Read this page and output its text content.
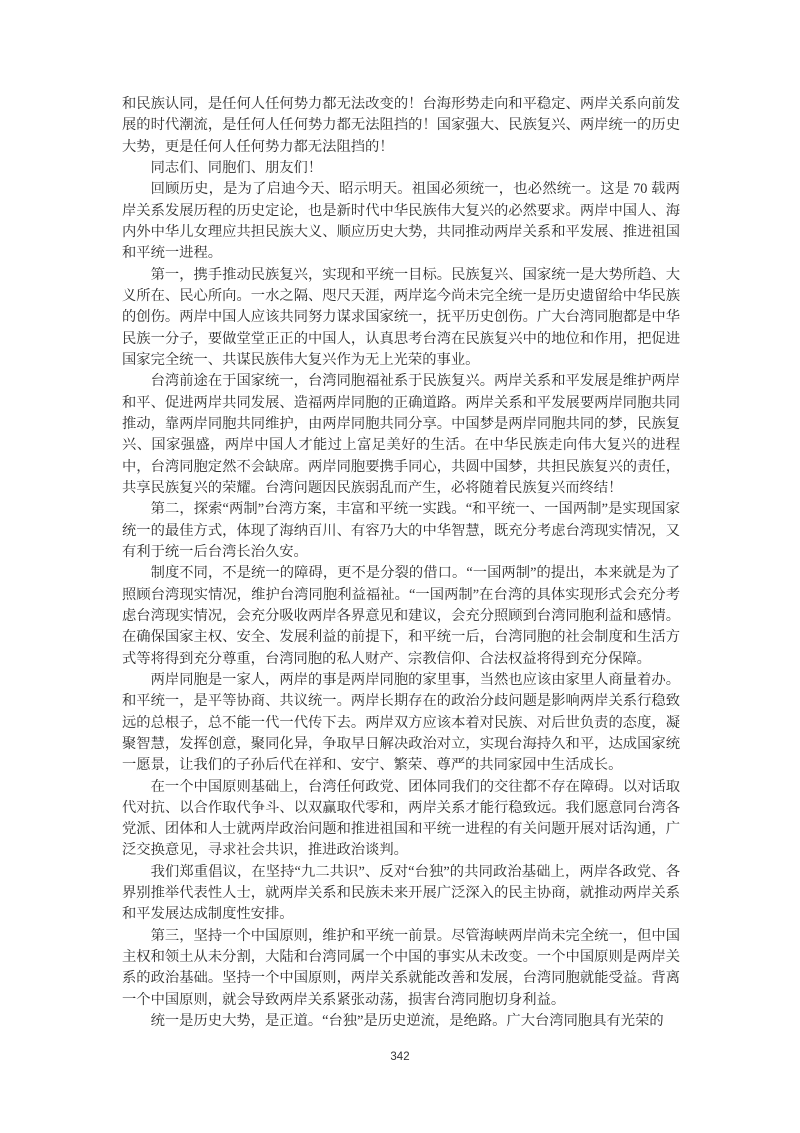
和民族认同，是任何人任何势力都无法改变的！台海形势走向和平稳定、两岸关系向前发展的时代潮流，是任何人任何势力都无法阻挡的！国家强大、民族复兴、两岸统一的历史大势，更是任何人任何势力都无法阻挡的！

同志们、同胞们、朋友们！

回顾历史，是为了启迪今天、昭示明天。祖国必须统一，也必然统一。这是 70 载两岸关系发展历程的历史定论，也是新时代中华民族伟大复兴的必然要求。两岸中国人、海内外中华儿女理应共担民族大义、顺应历史大势，共同推动两岸关系和平发展、推进祖国和平统一进程。

第一，携手推动民族复兴，实现和平统一目标。民族复兴、国家统一是大势所趋、大义所在、民心所向。一水之隔、咫尺天涯，两岸迄今尚未完全统一是历史遗留给中华民族的创伤。两岸中国人应该共同努力谋求国家统一，抚平历史创伤。广大台湾同胞都是中华民族一分子，要做堂堂正正的中国人，认真思考台湾在民族复兴中的地位和作用，把促进国家完全统一、共谋民族伟大复兴作为无上光荣的事业。

台湾前途在于国家统一，台湾同胞福祉系于民族复兴。两岸关系和平发展是维护两岸和平、促进两岸共同发展、造福两岸同胞的正确道路。两岸关系和平发展要两岸同胞共同推动，靠两岸同胞共同维护，由两岸同胞共同分享。中国梦是两岸同胞共同的梦，民族复兴、国家强盛，两岸中国人才能过上富足美好的生活。在中华民族走向伟大复兴的进程中，台湾同胞定然不会缺席。两岸同胞要携手同心，共圆中国梦，共担民族复兴的责任，共享民族复兴的荣耀。台湾问题因民族弱乱而产生，必将随着民族复兴而终结！

第二，探索“两制”台湾方案，丰富和平统一实践。“和平统一、一国两制”是实现国家统一的最佳方式，体现了海纳百川、有容乃大的中华智慧，既充分考虑台湾现实情况，又有利于统一后台湾长治久安。

制度不同，不是统一的障碍，更不是分裂的借口。“一国两制”的提出，本来就是为了照顾台湾现实情况，维护台湾同胞利益福祉。“一国两制”在台湾的具体实现形式会充分考虑台湾现实情况，会充分吸收两岸各界意见和建议，会充分照顾到台湾同胞利益和感情。在确保国家主权、安全、发展利益的前提下，和平统一后，台湾同胞的社会制度和生活方式等将得到充分尊重，台湾同胞的私人财产、宗教信仰、合法权益将得到充分保障。

两岸同胞是一家人，两岸的事是两岸同胞的家里事，当然也应该由家里人商量着办。和平统一，是平等协商、共议统一。两岸长期存在的政治分歧问题是影响两岸关系行稳致远的总根子，总不能一代一代传下去。两岸双方应该本着对民族、对后世负责的态度，凝聚智慧，发挥创意，聚同化异，争取早日解决政治对立，实现台海持久和平，达成国家统一愿景，让我们的子孙后代在祥和、安宁、繁荣、尊严的共同家园中生活成长。

在一个中国原则基础上，台湾任何政党、团体同我们的交往都不存在障碍。以对话取代对抗、以合作取代争斗、以双赢取代零和，两岸关系才能行稳致远。我们愿意同台湾各党派、团体和人士就两岸政治问题和推进祖国和平统一进程的有关问题开展对话沟通，广泛交换意见，寻求社会共识，推进政治谈判。

我们郑重倡议，在坚持“九二共识”、反对“台独”的共同政治基础上，两岸各政党、各界别推举代表性人士，就两岸关系和民族未来开展广泛深入的民主协商，就推动两岸关系和平发展达成制度性安排。

第三，坚持一个中国原则，维护和平统一前景。尽管海峡两岸尚未完全统一，但中国主权和领土从未分割，大陆和台湾同属一个中国的事实从未改变。一个中国原则是两岸关系的政治基础。坚持一个中国原则，两岸关系就能改善和发展，台湾同胞就能受益。背离一个中国原则，就会导致两岸关系紧张动荡，损害台湾同胞切身利益。

统一是历史大势，是正道。“台独”是历史逆流，是绝路。广大台湾同胞具有光荣的

342
